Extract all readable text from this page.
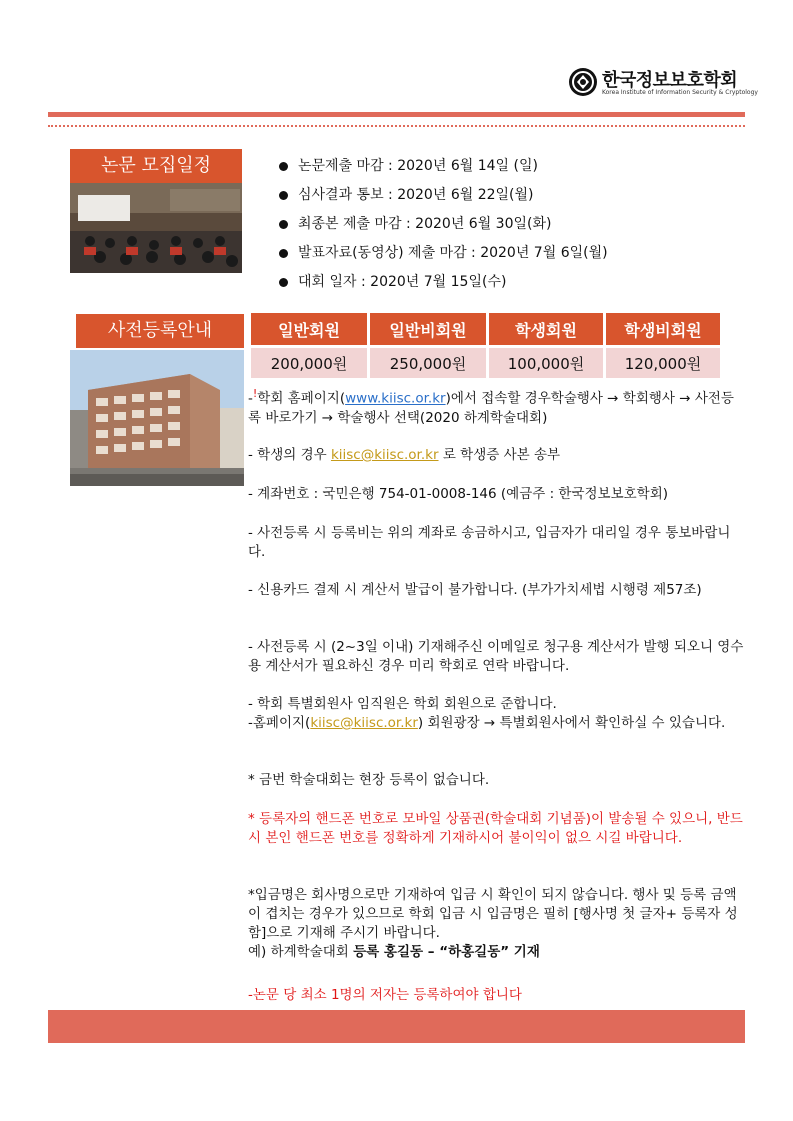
한국정보보호학회
Korea Institute of Information Security & Cryptology
논문 모집일정	논문제출 마감 : 2020년 6월 14일 (일)
심사결과 통보 : 2020년 6월 22일(월)
최종본 제출 마감 : 2020년 6월 30일(화)
발표자료(동영상) 제출 마감 : 2020년 7월 6일(월)
대회 일자 : 2020년 7월 15일(수)
사전등록안내	일반회원	일반비회원	학생회원	학생비회원
200,000원	250,000원	100,000원	120,000원
-!학회 홈페이지(www.kiisc.or.kr)에서 접속할 경우학술행사 → 학회행사 → 사전등록 바로가기 → 학술행사 선택(2020 하계학술대회)
- 학생의 경우 kiisc@kiisc.or.kr 로 학생증 사본 송부
- 계좌번호 : 국민은행 754-01-0008-146 (예금주 : 한국정보보호학회)
- 사전등록 시 등록비는 위의 계좌로 송금하시고, 입금자가 대리일 경우 통보바랍니다.
- 신용카드 결제 시 계산서 발급이 불가합니다. (부가가치세법 시행령 제57조)
- 사전등록 시 (2~3일 이내) 기재해주신 이메일로 청구용 계산서가 발행 되오니 영수용 계산서가 필요하신 경우 미리 학회로 연락 바랍니다.
- 학회 특별회원사 임직원은 학회 회원으로 준합니다.
-홈페이지(kiisc@kiisc.or.kr) 회원광장 → 특별회원사에서 확인하실 수 있습니다.
* 금번 학술대회는 현장 등록이 없습니다.
* 등록자의 핸드폰 번호로 모바일 상품권(학술대회 기념품)이 발송될 수 있으니, 반드시 본인 핸드폰 번호를 정확하게 기재하시어 불이익이 없으 시길 바랍니다.
*입금명은 회사명으로만 기재하여 입금 시 확인이 되지 않습니다. 행사 및 등록 금액이 겹치는 경우가 있으므로 학회 입금 시 입금명은 필히 [행사명 첫 글자+ 등록자 성함]으로 기재해 주시기 바랍니다.
예) 하계학술대회 등록 홍길동 – “하홍길동” 기재
-논문 당 최소 1명의 저자는 등록하여야 합니다
